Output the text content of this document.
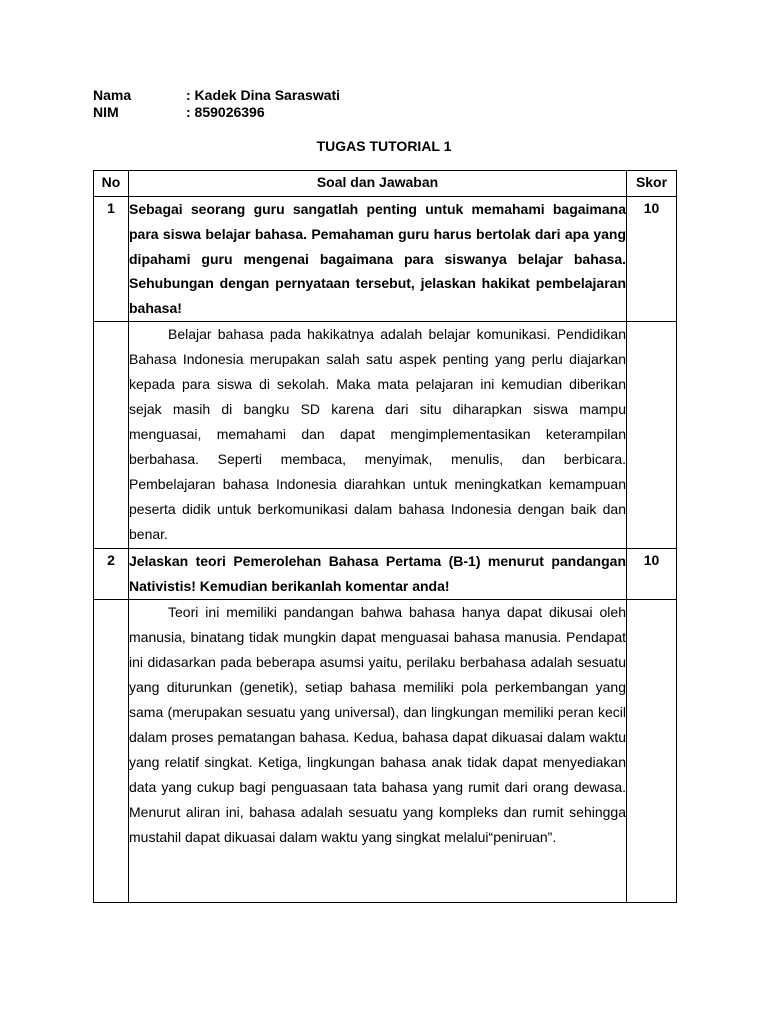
Nama	: Kadek Dina Saraswati
NIM	: 859026396
TUGAS TUTORIAL 1
No	Soal dan Jawaban	Skor
1	Sebagai seorang guru sangatlah penting untuk memahami bagaimana para siswa belajar bahasa. Pemahaman guru harus bertolak dari apa yang dipahami guru mengenai bagaimana para siswanya belajar bahasa. Sehubungan dengan pernyataan tersebut, jelaskan hakikat pembelajaran bahasa!	10
	Belajar bahasa pada hakikatnya adalah belajar komunikasi. Pendidikan Bahasa Indonesia merupakan salah satu aspek penting yang perlu diajarkan kepada para siswa di sekolah. Maka mata pelajaran ini kemudian diberikan sejak masih di bangku SD karena dari situ diharapkan siswa mampu menguasai, memahami dan dapat mengimplementasikan keterampilan berbahasa. Seperti membaca, menyimak, menulis, dan berbicara. Pembelajaran bahasa Indonesia diarahkan untuk meningkatkan kemampuan peserta didik untuk berkomunikasi dalam bahasa Indonesia dengan baik dan benar.	
2	Jelaskan teori Pemerolehan Bahasa Pertama (B-1) menurut pandangan Nativistis! Kemudian berikanlah komentar anda!	10
	Teori ini memiliki pandangan bahwa bahasa hanya dapat dikusai oleh manusia, binatang tidak mungkin dapat menguasai bahasa manusia. Pendapat ini didasarkan pada beberapa asumsi yaitu, perilaku berbahasa adalah sesuatu yang diturunkan (genetik), setiap bahasa memiliki pola perkembangan yang sama (merupakan sesuatu yang universal), dan lingkungan memiliki peran kecil dalam proses pematangan bahasa. Kedua, bahasa dapat dikuasai dalam waktu yang relatif singkat. Ketiga, lingkungan bahasa anak tidak dapat menyediakan data yang cukup bagi penguasaan tata bahasa yang rumit dari orang dewasa. Menurut aliran ini, bahasa adalah sesuatu yang kompleks dan rumit sehingga mustahil dapat dikuasai dalam waktu yang singkat melalui“peniruan”.	
